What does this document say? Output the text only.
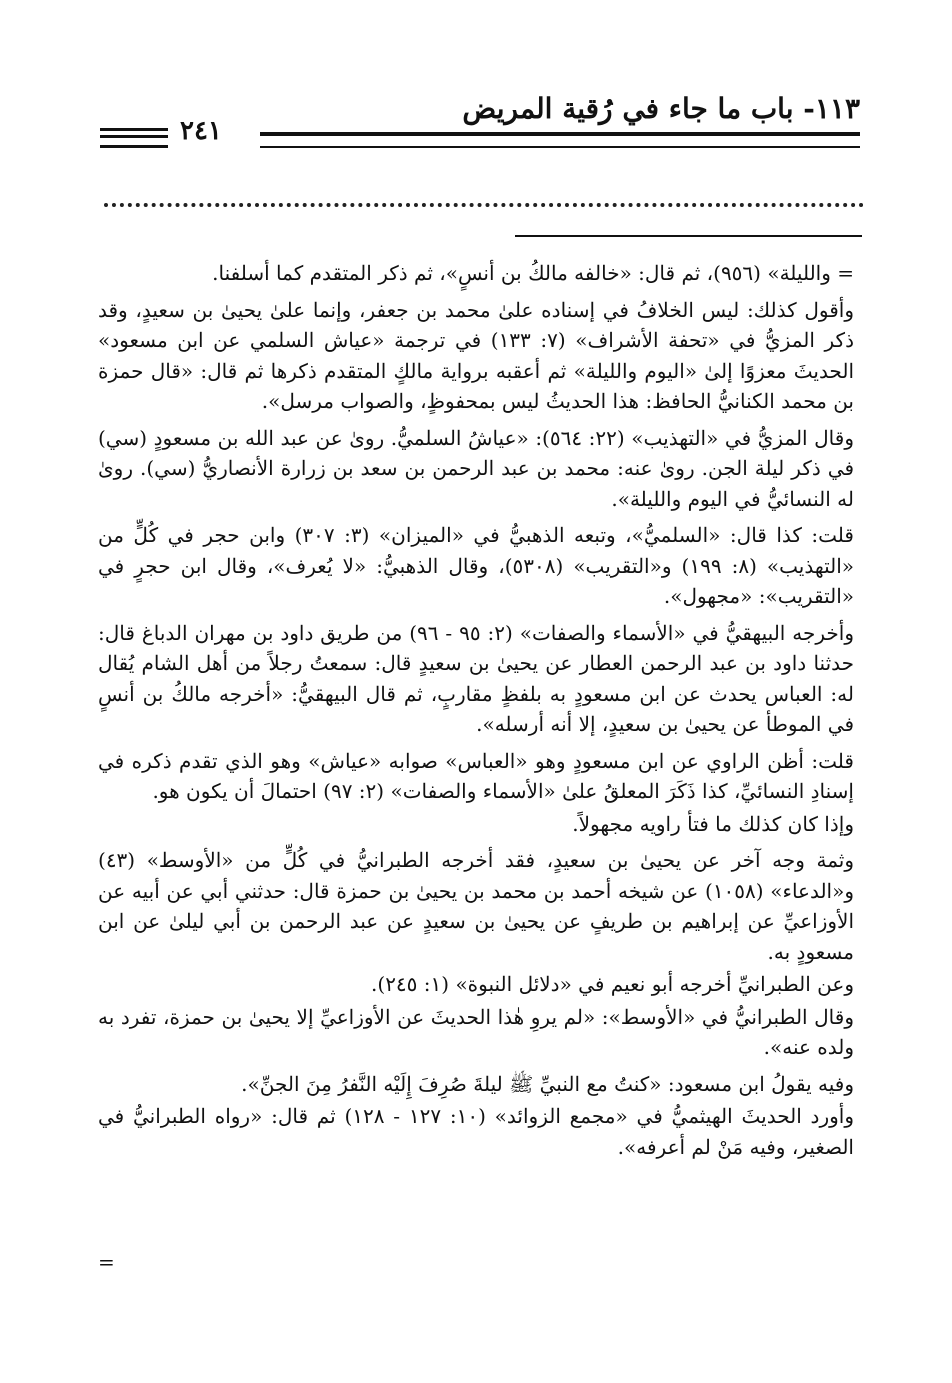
١١٣- باب ما جاء في رُقية المريض
٢٤١

= والليلة» (٩٥٦)، ثم قال: «خالفه مالكُ بن أنسٍ»، ثم ذكر المتقدم كما أسلفنا.

وأقول كذلك: ليس الخلافُ في إسناده علىٰ محمد بن جعفر، وإنما علىٰ يحيىٰ بن سعيدٍ، وقد ذكر المزيُّ في «تحفة الأشراف» (٧: ١٣٣) في ترجمة «عياش السلمي عن ابن مسعود» الحديثَ معزوًا إلىٰ «اليوم والليلة» ثم أعقبه برواية مالكٍ المتقدم ذكرها ثم قال: «قال حمزة بن محمد الكنانيُّ الحافظ: هذا الحديثُ ليس بمحفوظٍ، والصواب مرسل».

وقال المزيُّ في «التهذيب» (٢٢: ٥٦٤): «عياشُ السلميُّ. روىٰ عن عبد الله بن مسعودٍ (سي) في ذكر ليلة الجن. روىٰ عنه: محمد بن عبد الرحمن بن سعد بن زرارة الأنصاريُّ (سي). روىٰ له النسائيُّ في اليوم والليلة».

قلت: كذا قال: «السلميُّ»، وتبعه الذهبيُّ في «الميزان» (٣: ٣٠٧) وابن حجر في كُلٍّ من «التهذيب» (٨: ١٩٩) و«التقريب» (٥٣٠٨)، وقال الذهبيُّ: «لا يُعرف»، وقال ابن حجرٍ في «التقريب»: «مجهول».

وأخرجه البيهقيُّ في «الأسماء والصفات» (٢: ٩٥ - ٩٦) من طريق داود بن مهران الدباغ قال: حدثنا داود بن عبد الرحمن العطار عن يحيىٰ بن سعيدٍ قال: سمعتُ رجلاً من أهل الشام يُقال له: العباس يحدث عن ابن مسعودٍ به بلفظٍ مقاربٍ، ثم قال البيهقيُّ: «أخرجه مالكُ بن أنسٍ في الموطأ عن يحيىٰ بن سعيدٍ، إلا أنه أرسله».

قلت: أظن الراوي عن ابن مسعودٍ وهو «العباس» صوابه «عياش» وهو الذي تقدم ذكره في إسنادِ النسائيِّ، كذا ذَكَرَ المعلقُ علىٰ «الأسماء والصفات» (٢: ٩٧) احتمالَ أن يكون هو.

وإذا كان كذلك ما فتأ راويه مجهولاً.

وثمة وجه آخر عن يحيىٰ بن سعيدٍ، فقد أخرجه الطبرانيُّ في كُلٍّ من «الأوسط» (٤٣) و«الدعاء» (١٠٥٨) عن شيخه أحمد بن محمد بن يحيىٰ بن حمزة قال: حدثني أبي عن أبيه عن الأوزاعيِّ عن إبراهيم بن طريفٍ عن يحيىٰ بن سعيدٍ عن عبد الرحمن بن أبي ليلىٰ عن ابن مسعودٍ به.

وعن الطبرانيِّ أخرجه أبو نعيم في «دلائل النبوة» (١: ٢٤٥).

وقال الطبرانيُّ في «الأوسط»: «لم يروِ هٰذا الحديثَ عن الأوزاعيِّ إلا يحيىٰ بن حمزة، تفرد به ولده عنه».

وفيه يقولُ ابن مسعود: «كنتُ مع النبيِّ ﷺ ليلةَ صُرِفَ إِلَيْه النَّفرُ مِنَ الجنِّ».

وأورد الحديثَ الهيثميُّ في «مجمع الزوائد» (١٠: ١٢٧ - ١٢٨) ثم قال: «رواه الطبرانيُّ في الصغير، وفيه مَنْ لم أعرفه».

=
